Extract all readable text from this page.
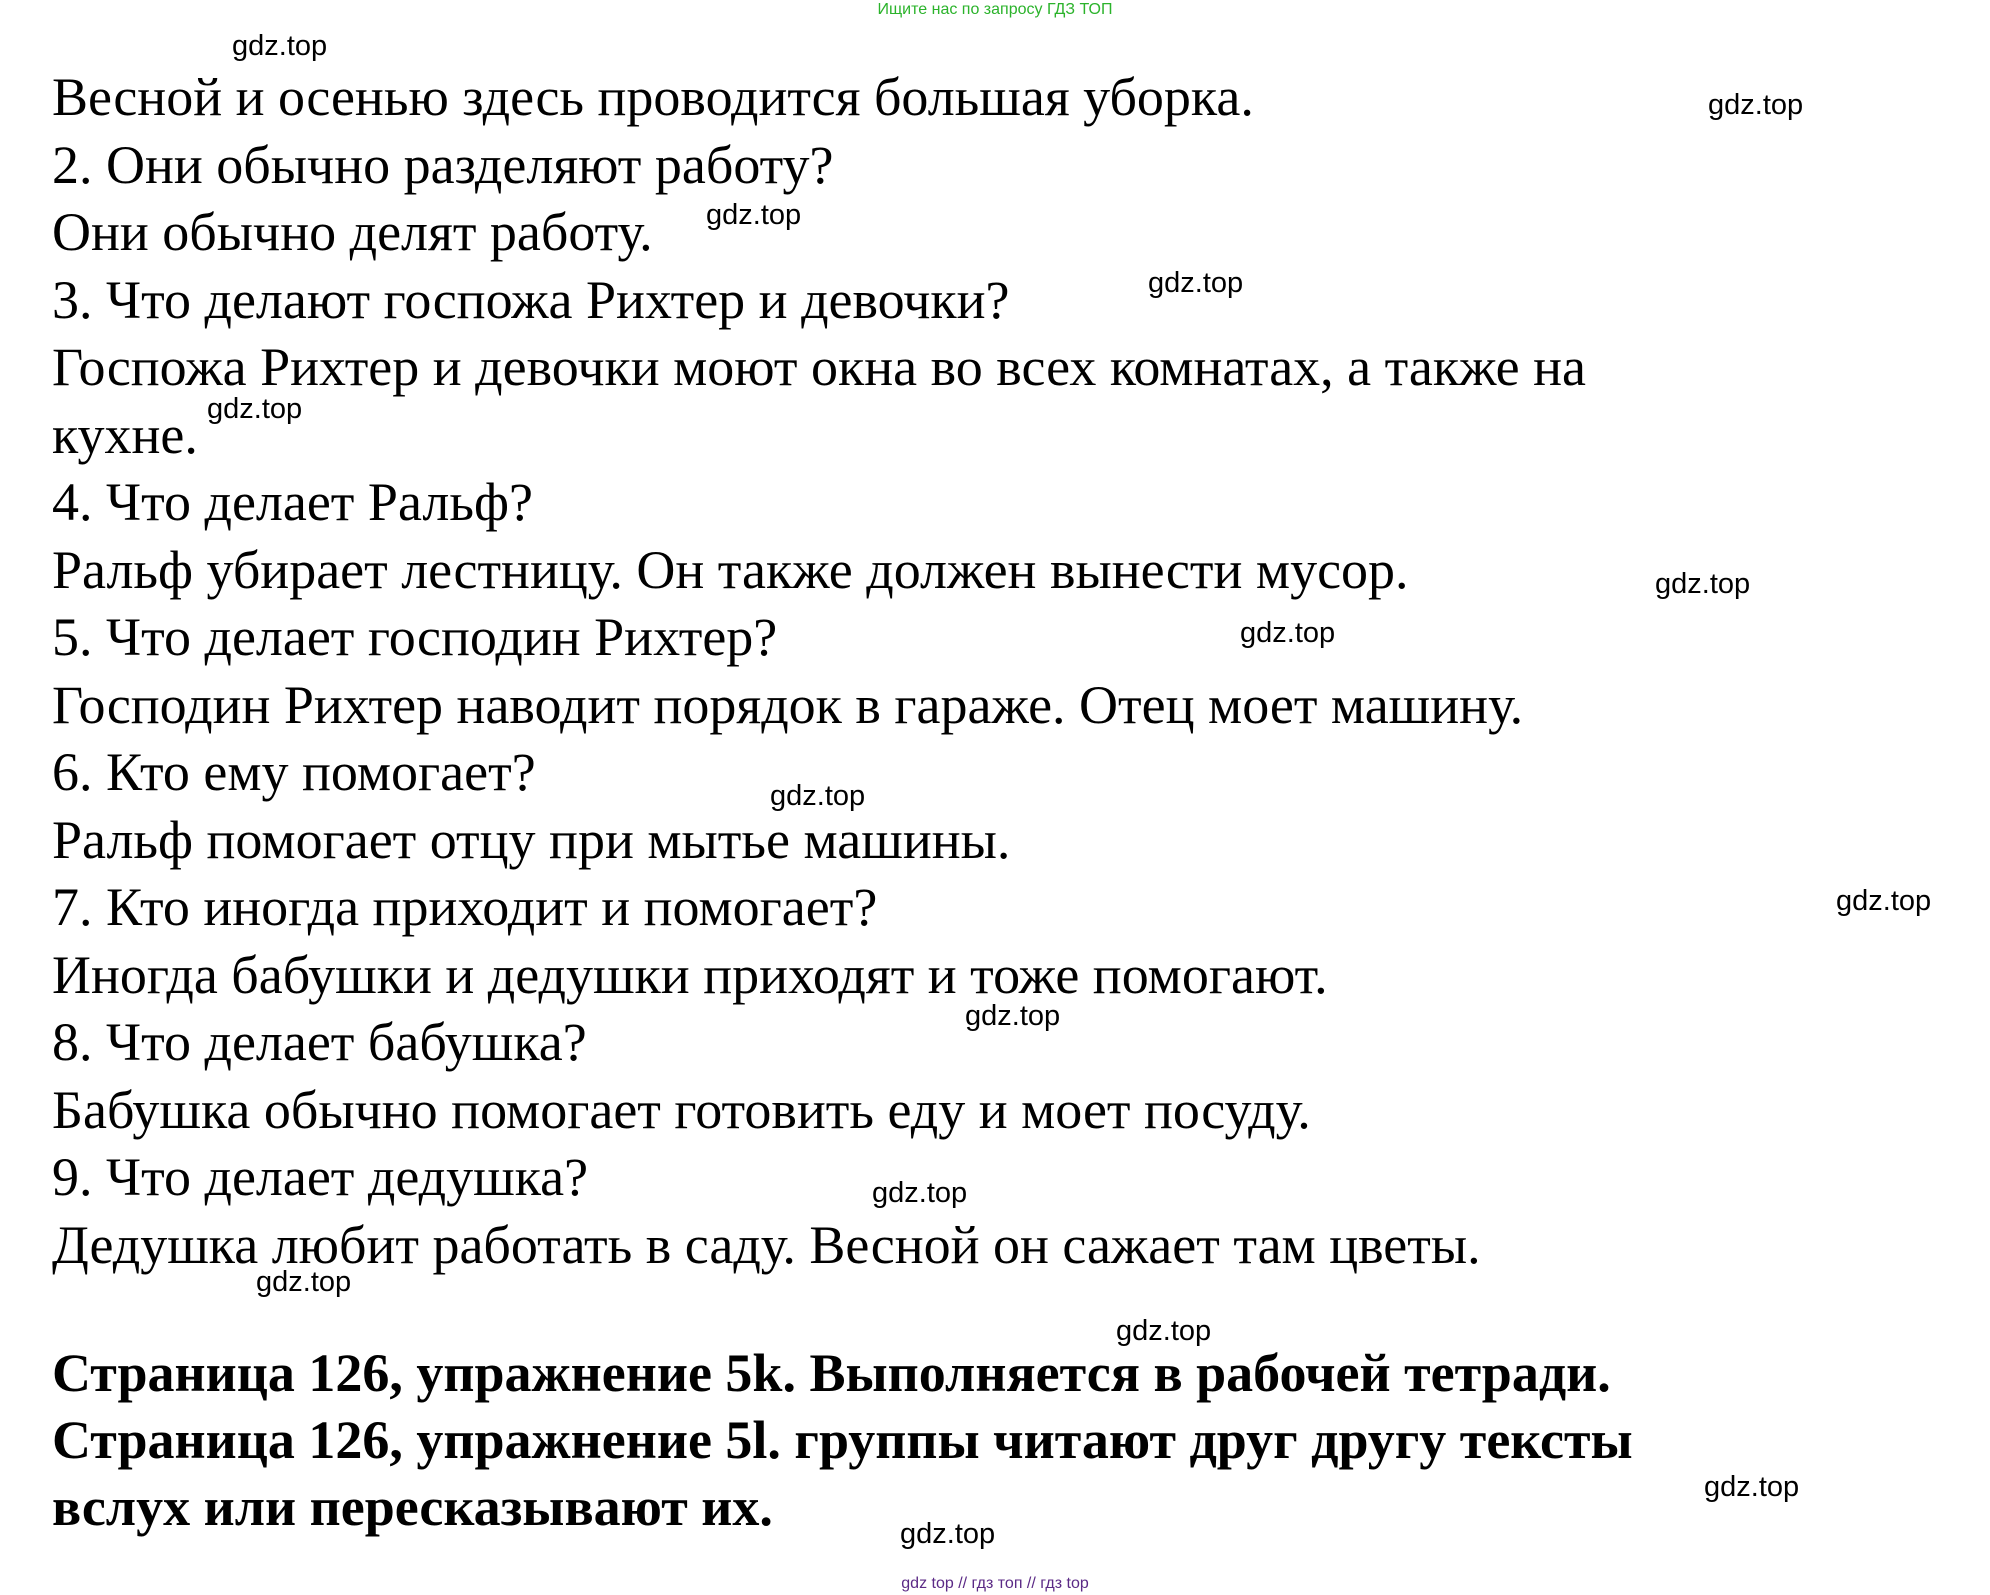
Ищите нас по запросу ГДЗ ТОП

Весной и осенью здесь проводится большая уборка.

2. Они обычно разделяют работу?

Они обычно делят работу.

3. Что делают госпожа Рихтер и девочки?

Госпожа Рихтер и девочки моют окна во всех комнатах, а также на

кухне.

4. Что делает Ральф?

Ральф убирает лестницу. Он также должен вынести мусор.

5. Что делает господин Рихтер?

Господин Рихтер наводит порядок в гараже. Отец моет машину.

6. Кто ему помогает?

Ральф помогает отцу при мытье машины.

7. Кто иногда приходит и помогает?

Иногда бабушки и дедушки приходят и тоже помогают.

8. Что делает бабушка?

Бабушка обычно помогает готовить еду и моет посуду.

9. Что делает дедушка?

Дедушка любит работать в саду. Весной он сажает там цветы.

Страница 126, упражнение 5k. Выполняется в рабочей тетради.

Страница 126, упражнение 5l. группы читают друг другу тексты

вслух или пересказывают их.

gdz.top
gdz.top
gdz.top
gdz.top
gdz.top
gdz.top
gdz.top
gdz.top
gdz.top
gdz.top
gdz.top
gdz.top
gdz.top
gdz.top
gdz.top
gdz top // гдз топ // гдз top
